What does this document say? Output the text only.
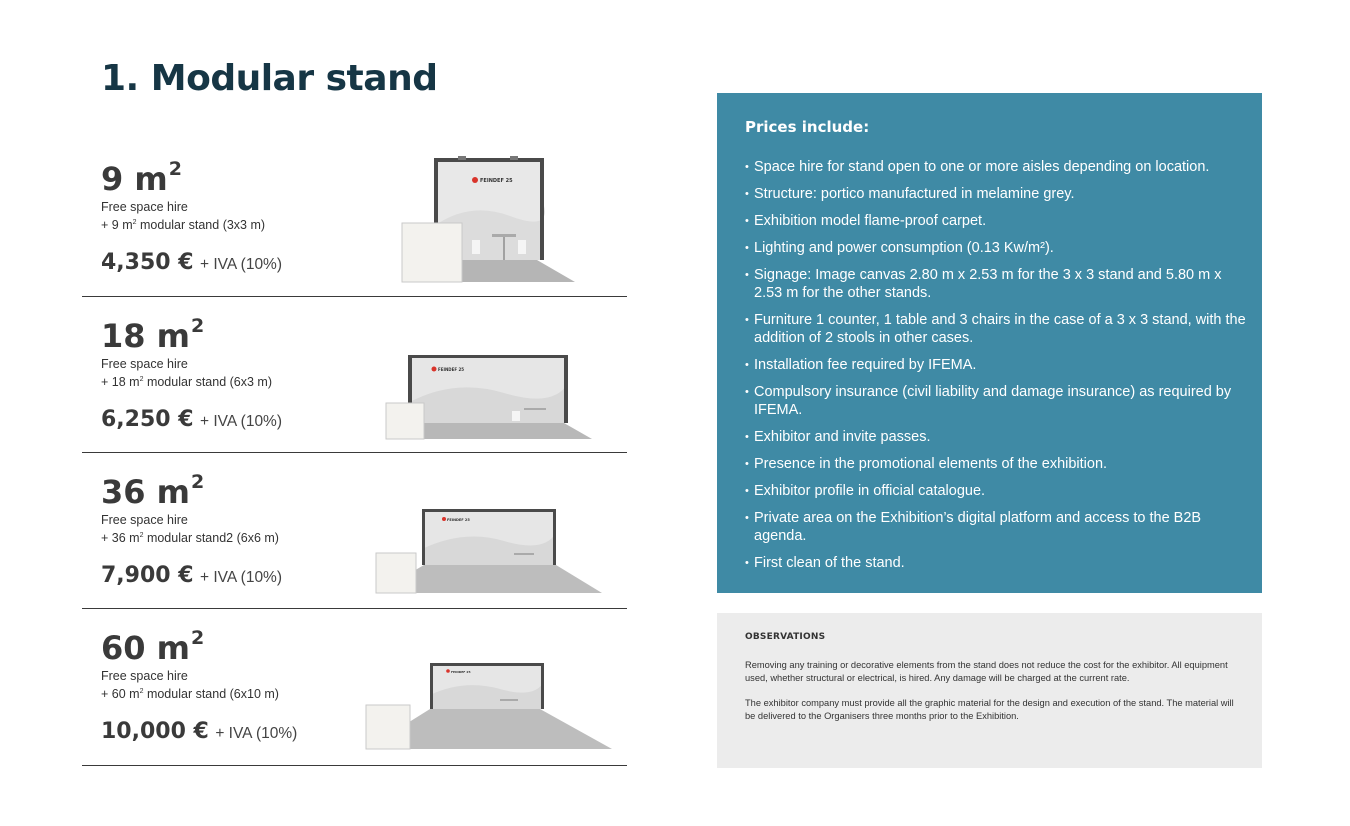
1. Modular stand
9 $m^2$
Free space hire
+ 9 $m^2$ modular stand (3x3 m)
4,350 € + IVA (10%)
FEINDEF 25
18 $m^2$
Free space hire
+ 18 $m^2$ modular stand (6x3 m)
6,250 € + IVA (10%)
FEINDEF 25
36 $m^2$
Free space hire
+ 36 $m^2$ modular stand2 (6x6 m)
7,900 € + IVA (10%)
FEINDEF 25
60 $m^2$
Free space hire
+ 60 $m^2$ modular stand (6x10 m)
10,000 € + IVA (10%)
FEINDEF 25
Prices include:
• Space hire for stand open to one or more aisles depending on location.
• Structure: portico manufactured in melamine grey.
• Exhibition model flame-proof carpet.
• Lighting and power consumption (0.13 Kw/m²).
• Signage: Image canvas 2.80 m x 2.53 m for the 3 x 3 stand and 5.80 m x 2.53 m for the other stands.
• Furniture 1 counter, 1 table and 3 chairs in the case of a 3 x 3 stand, with the addition of 2 stools in other cases.
• Installation fee required by IFEMA.
• Compulsory insurance (civil liability and damage insurance) as required by IFEMA.
• Exhibitor and invite passes.
• Presence in the promotional elements of the exhibition.
• Exhibitor profile in official catalogue.
• Private area on the Exhibition’s digital platform and access to the B2B agenda.
• First clean of the stand.
OBSERVATIONS

Removing any training or decorative elements from the stand does not reduce the cost for the exhibitor. All equipment used, whether structural or electrical, is hired. Any damage will be charged at the current rate.

The exhibitor company must provide all the graphic material for the design and execution of the stand. The material will be delivered to the Organisers three months prior to the Exhibition.
